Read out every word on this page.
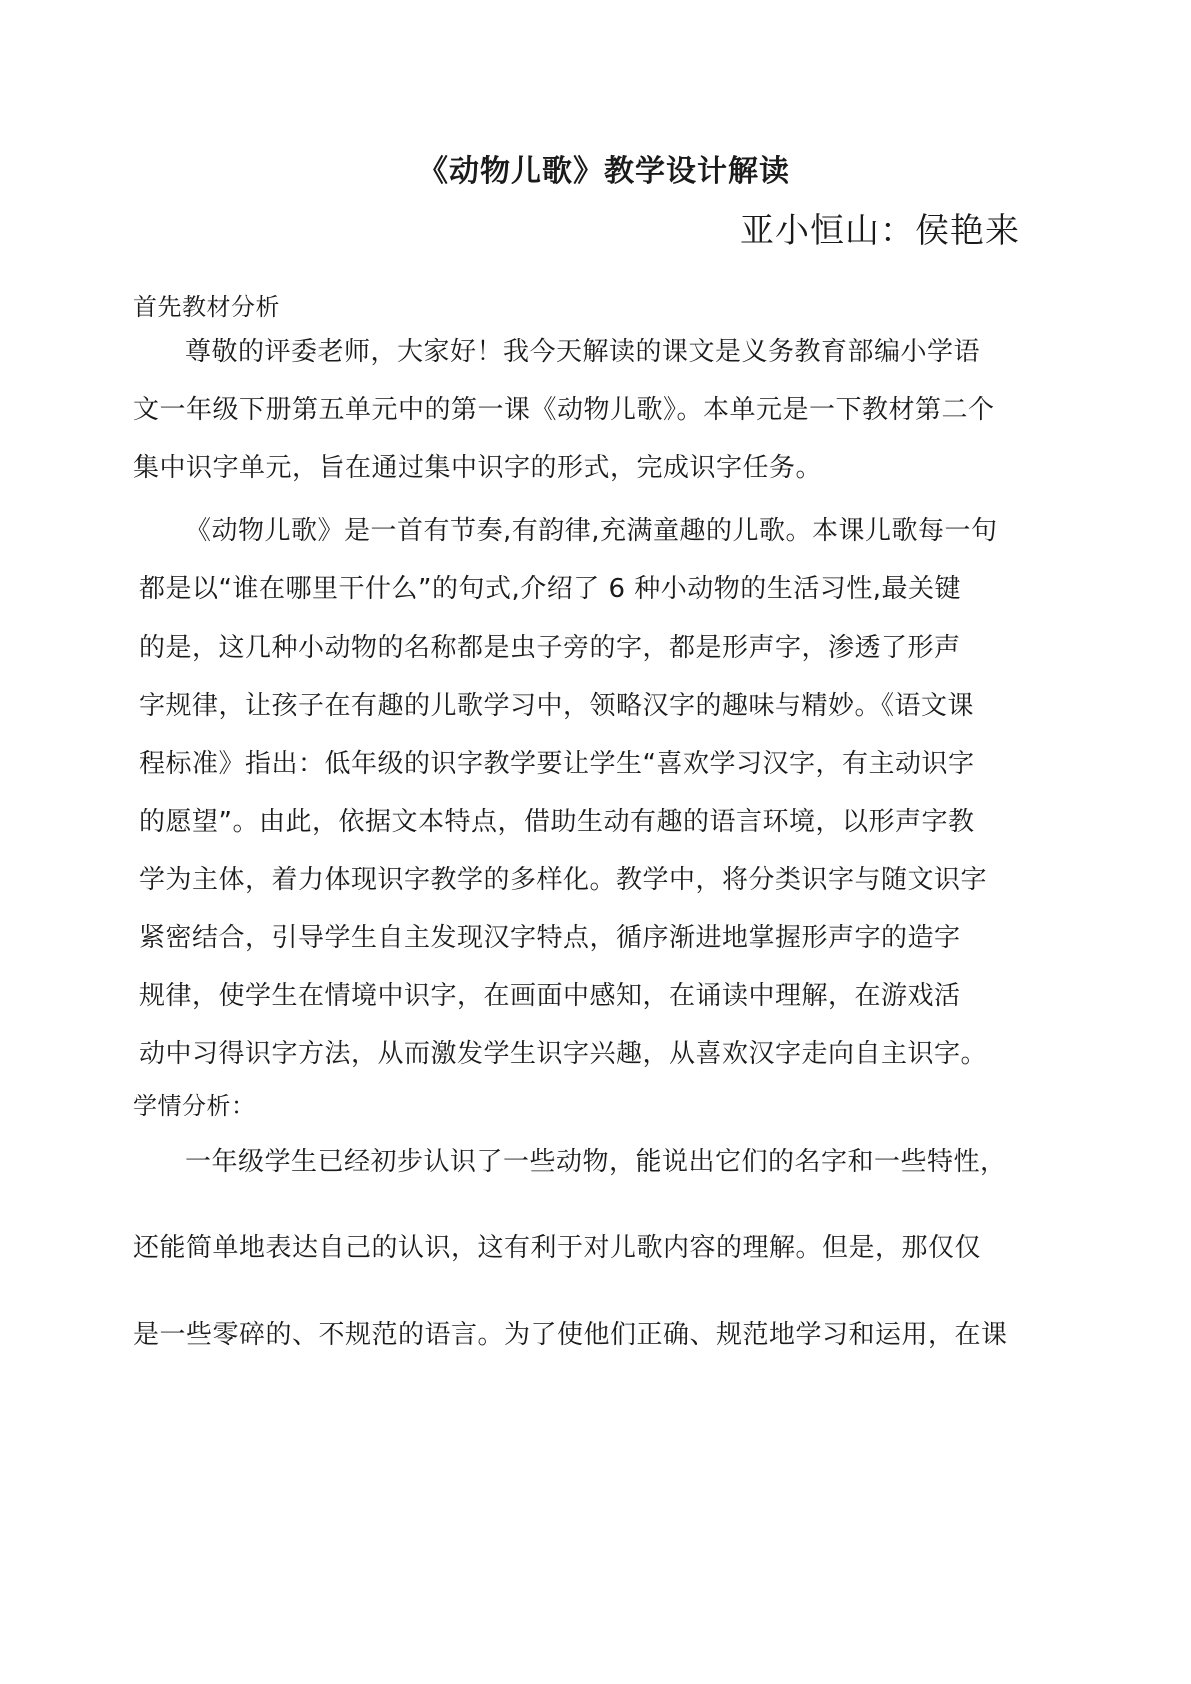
《动物儿歌》教学设计解读
亚小恒山：侯艳来
首先教材分析
尊敬的评委老师，大家好！我今天解读的课文是义务教育部编小学语
文一年级下册第五单元中的第一课《动物儿歌》。本单元是一下教材第二个
集中识字单元，旨在通过集中识字的形式，完成识字任务。
《动物儿歌》是一首有节奏,有韵律,充满童趣的儿歌。本课儿歌每一句
都是以“谁在哪里干什么”的句式,介绍了 6 种小动物的生活习性,最关键
的是，这几种小动物的名称都是虫子旁的字，都是形声字，渗透了形声
字规律，让孩子在有趣的儿歌学习中，领略汉字的趣味与精妙。《语文课
程标准》指出：低年级的识字教学要让学生“喜欢学习汉字，有主动识字
的愿望”。由此，依据文本特点，借助生动有趣的语言环境，以形声字教
学为主体，着力体现识字教学的多样化。教学中，将分类识字与随文识字
紧密结合，引导学生自主发现汉字特点，循序渐进地掌握形声字的造字
规律，使学生在情境中识字，在画面中感知，在诵读中理解，在游戏活
动中习得识字方法，从而激发学生识字兴趣，从喜欢汉字走向自主识字。
学情分析：
一年级学生已经初步认识了一些动物，能说出它们的名字和一些特性，
还能简单地表达自己的认识，这有利于对儿歌内容的理解。但是，那仅仅
是一些零碎的、不规范的语言。为了使他们正确、规范地学习和运用，在课
